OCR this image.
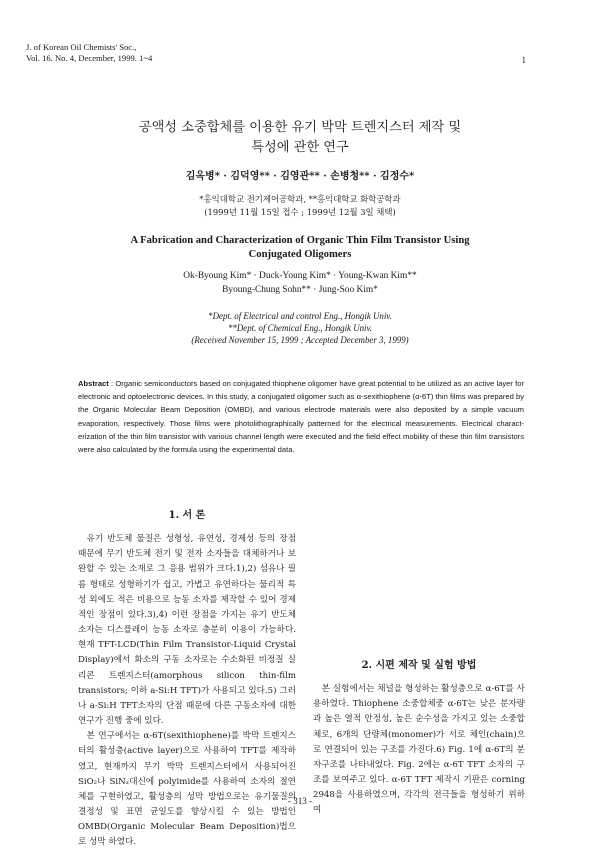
J. of Korean Oil Chemists' Soc.,
Vol. 16. No. 4, December, 1999. 1~4	1
공액성 소중합체를 이용한 유기 박막 트렌지스터 제작 및
특성에 관한 연구
김옥병* · 김덕영** · 김영관** · 손병청** · 김정수*
*홍익대학교 전기제어공학과, **홍익대학교 화학공학과
(1999년 11월 15일 접수 ; 1999년 12월 3일 채택)
A Fabrication and Characterization of Organic Thin Film Transistor Using
Conjugated Oligomers
Ok-Byoung Kim* · Duck-Young Kim* · Young-Kwan Kim**
Byoung-Chung Sohn** · Jung-Soo Kim*
*Dept. of Electrical and control Eng., Hongik Univ.
**Dept. of Chemical Eng., Hongik Univ.
(Received November 15, 1999 ; Accepted December 3, 1999)
Abstract : Organic semiconductors based on conjugated thiophene oligomer have great potential to be utilized as an active layer for electronic and optoelectronic devices. In this study, a conjugated oligomer such as α-sexithiophene (α-6T) thin films was prepared by the Organic Molecular Beam Deposition (OMBD), and various electrode materials were also deposited by a simple vacuum evaporation, respectively. Those films were photolithographically patterned for the electrical measurements. Electrical charact-erization of the thin film transistor with various channel length were executed and the field effect mobility of these thin film transistors were also calculated by the formula using the experimental data.
1. 서 론

유기 반도체 물질은 성형성, 유연성, 경제성 등의 장점 때문에 무기 반도체 전기 및 전자 소자들을 대체하거나 보완할 수 있는 소재로 그 응용 범위가 크다.1),2) 섬유나 필름 형태로 성형하기가 쉽고, 가볍고 유연하다는 물리적 특성 외에도 적은 비용으로 능동 소자를 제작할 수 있어 경제적인 장점이 있다.3),4) 이런 장점을 가지는 유기 반도체 소자는 디스플레이 능동 소자로 충분히 이용이 가능하다. 현재 TFT-LCD(Thin Film Transistor-Liquid Crystal Display)에서 화소의 구동 소자로는 수소화된 비정질 실리콘 트렌지스터(amorphous silicon thin-film transistors; 이하 a-Si:H TFT)가 사용되고 있다.5) 그러나 a-Si:H TFT소자의 단점 때문에 다른 구동소자에 대한 연구가 진행 중에 있다.

본 연구에서는 α-6T(sexithiophene)를 박막 트렌지스터의 활성층(active layer)으로 사용하여 TFT를 제작하였고, 현재까지 무기 박막 트렌지스터에서 사용되어진 SiO₂나 SiNₓ대신에 polyimide를 사용하여 소자의 절연체를 구현하였고, 활성층의 성막 방법으로는 유기물질의 결정성 및 표면 균일도를 향상시킬 수 있는 방법인 OMBD(Organic Molecular Beam Deposition)법으로 성막 하였다.

2. 시편 제작 및 실험 방법

본 실험에서는 채널을 형성하는 활성층으로 α-6T를 사용하였다. Thiophene 소중합체중 α-6T는 낮은 분자량과 높은 열적 안정성, 높은 순수성을 가지고 있는 소중합체로, 6개의 단량체(monomer)가 서로 체인(chain)으로 연결되어 있는 구조를 가진다.6) Fig. 1에 α-6T의 분자구조를 나타내었다. Fig. 2에는 α-6T TFT 소자의 구조를 보여주고 있다. α-6T TFT 제작시 기판은 corning 2948을 사용하였으며, 각각의 전극들을 형성하기 위하여

- 313 -
